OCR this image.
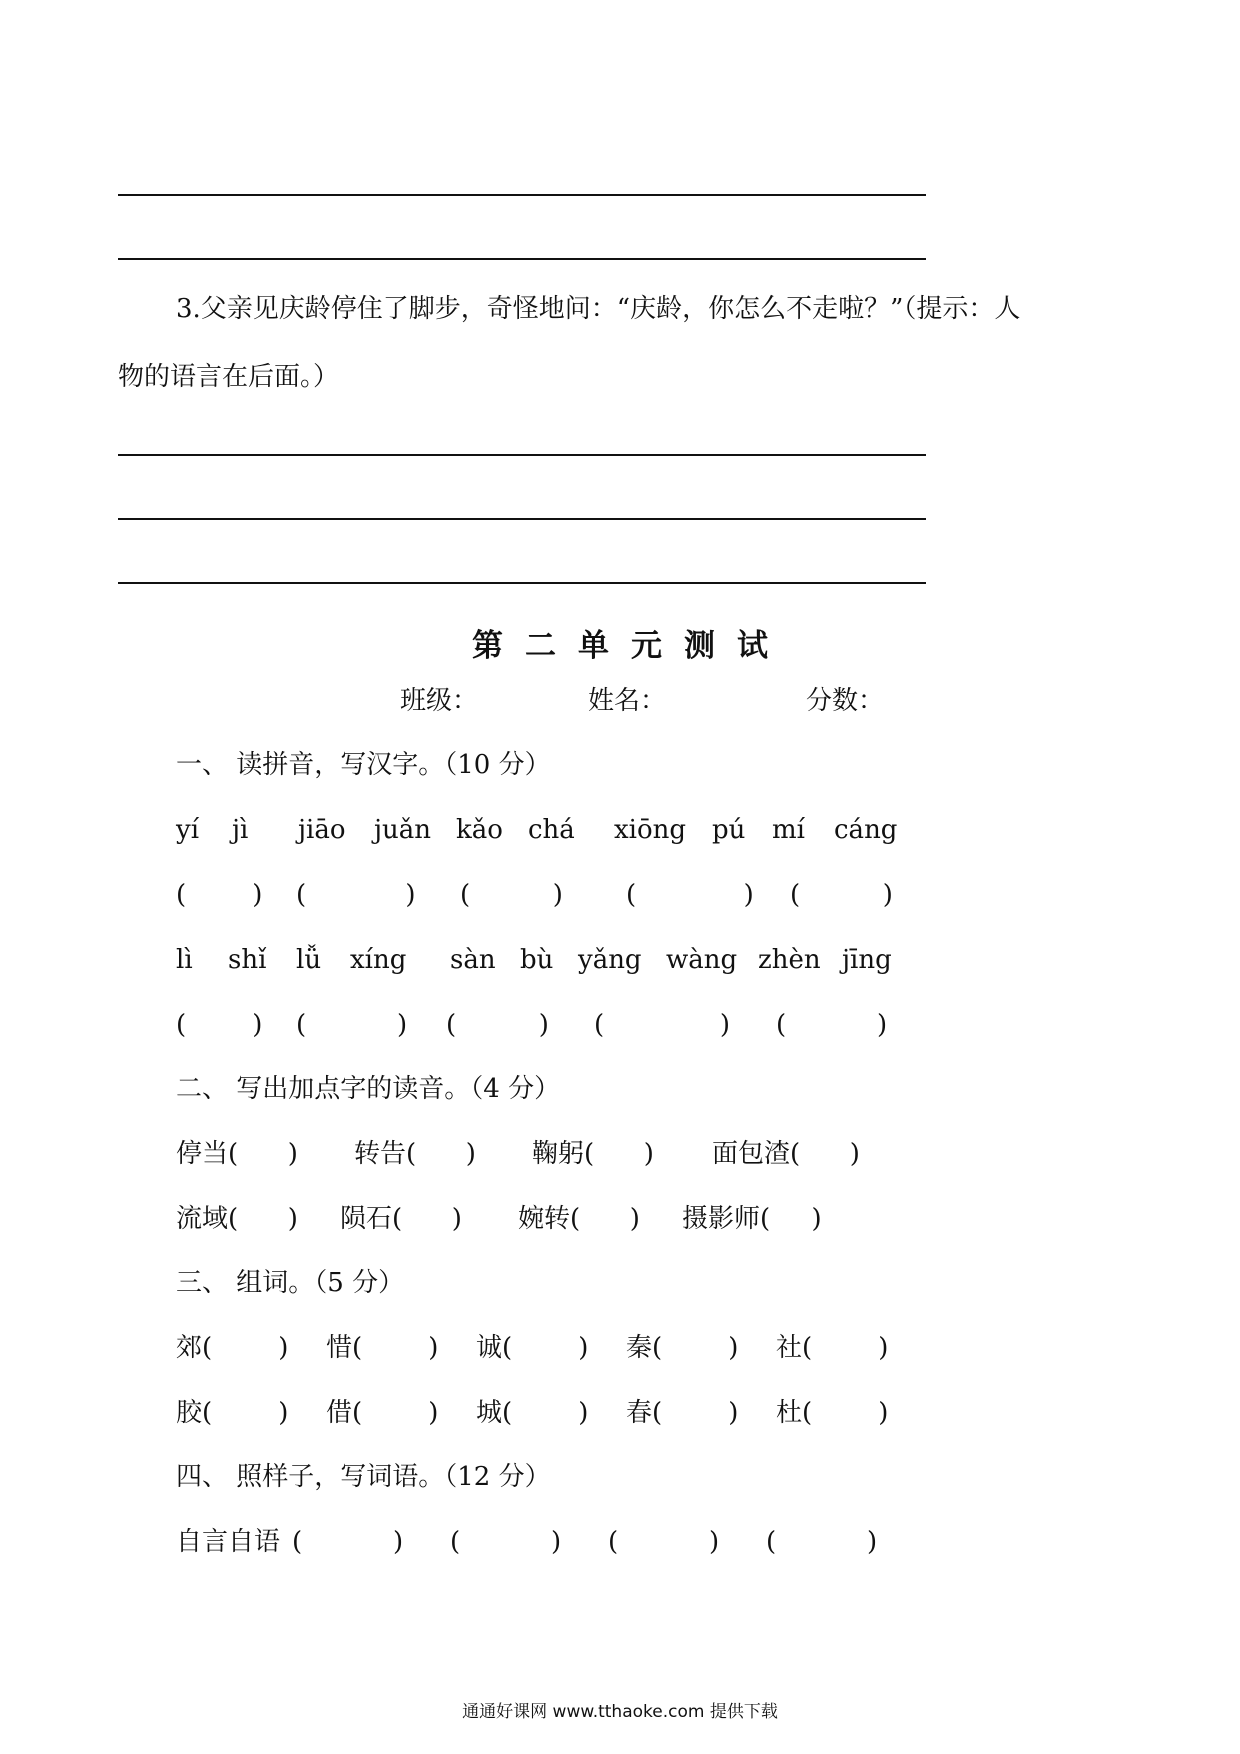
3.父亲见庆龄停住了脚步，奇怪地问：“庆龄，你怎么不走啦？”（提示：人
物的语言在后面。）
第二单元测试
班级：	姓名：	分数：
一、 读拼音，写汉字。（10 分）
yí jì jiāo juǎn kǎo chá xiōng pú mí cáng
(        ) (            ) (          ) (             ) (          )
lì shǐ lǚ xíng sàn bù yǎng wàng zhèn jīng
(        ) (           ) (          ) (              ) (           )
二、 写出加点字的读音。（4 分）
停当(      ) 转告(      ) 鞠躬(      ) 面包渣(      )
流域(      ) 陨石(      ) 婉转(      ) 摄影师(     )
三、 组词。（5 分）
郊(        ) 惜(        ) 诚(        ) 秦(        ) 社(        )
胶(        ) 借(        ) 城(        ) 春(        ) 杜(        )
四、 照样子，写词语。（12 分）
自言自语 (           ) (           ) (           ) (           )
通通好课网 www.tthaoke.com 提供下载
